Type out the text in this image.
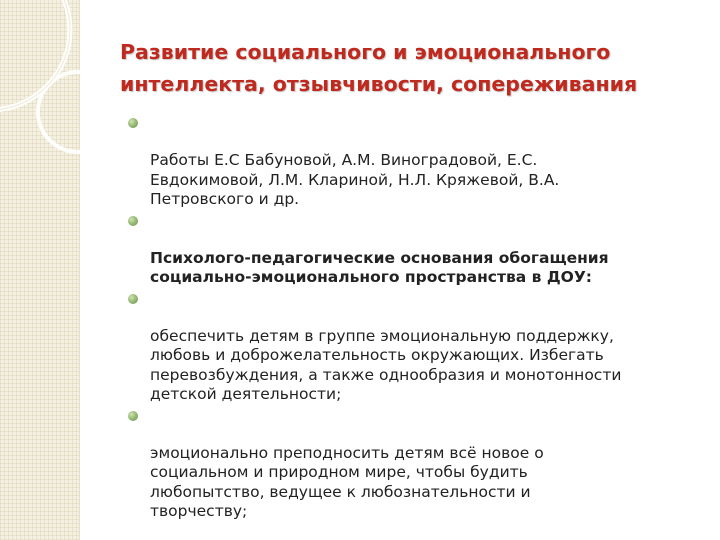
Развитие социального и эмоционального
интеллекта, отзывчивости, сопереживания

Работы Е.С Бабуновой, А.М. Виноградовой, Е.С.
Евдокимовой, Л.М. Клариной, Н.Л. Кряжевой, В.А.
Петровского и др.

Психолого-педагогические основания обогащения
социально-эмоционального пространства в ДОУ:

обеспечить детям в группе эмоциональную поддержку,
любовь и доброжелательность окружающих. Избегать
перевозбуждения, а также однообразия и монотонности
детской деятельности;

эмоционально преподносить детям всё новое о
социальном и природном мире, чтобы будить
любопытство, ведущее к любознательности и
творчеству;
